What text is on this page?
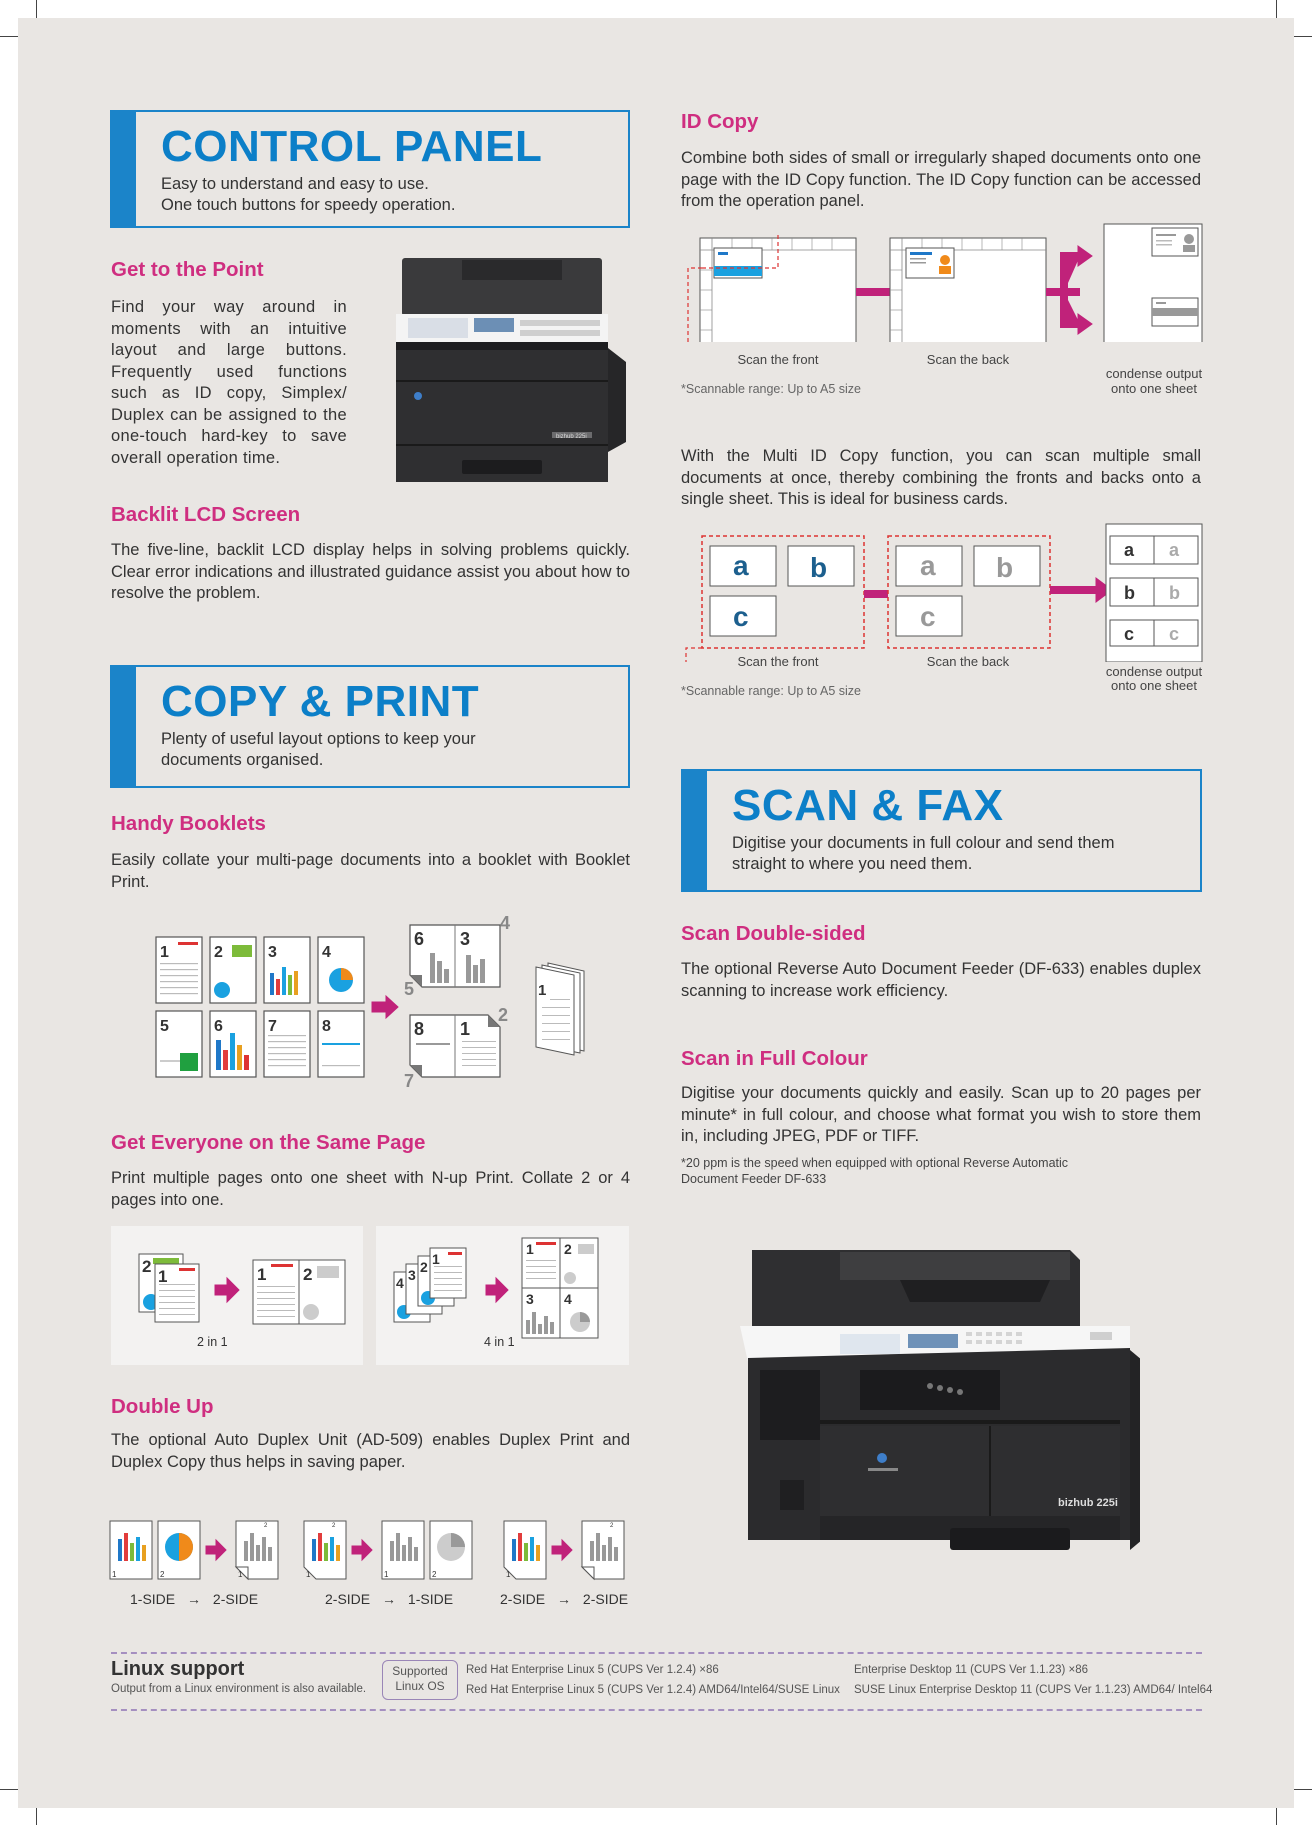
CONTROL PANEL
Easy to understand and easy to use.
One touch buttons for speedy operation.
Get to the Point

Find your way around in moments with an intuitive layout and large buttons. Frequently used functions such as ID copy, Simplex/ Duplex can be assigned to the one-touch hard-key to save overall operation time.

bizhub 225i
Backlit LCD Screen

The five-line, backlit LCD display helps in solving problems quickly. Clear error indications and illustrated guidance assist you about how to resolve the problem.

COPY & PRINT
Plenty of useful layout options to keep your
documents organised.
Handy Booklets

Easily collate your multi-page documents into a booklet with Booklet Print.

1	2	3	4
5	6	7	8
6 3
4
5
8 1
2
7
1
Get Everyone on the Same Page

Print multiple pages onto one sheet with N-up Print. Collate 2 or 4 pages into one.

2
1	1 2
2 in 1
4 3 2 1
1 2
3 4
4 in 1
Double Up

The optional Auto Duplex Unit (AD-509) enables Duplex Print and Duplex Copy thus helps in saving paper.

1	2	1
2
1
2
1	2	1
2
1-SIDE → 2-SIDE	2-SIDE → 1-SIDE	2-SIDE → 2-SIDE
ID Copy

Combine both sides of small or irregularly shaped documents onto one page with the ID Copy function. The ID Copy function can be accessed from the operation panel.

Scan the front	Scan the back
condense output
onto one sheet
*Scannable range: Up to A5 size

With the Multi ID Copy function, you can scan multiple small documents at once, thereby combining the fronts and backs onto a single sheet. This is ideal for business cards.

a b
c
a b
c
a a
b b
c c
Scan the front	Scan the back
condense output
onto one sheet
*Scannable range: Up to A5 size
SCAN & FAX
Digitise your documents in full colour and send them
straight to where you need them.
Scan Double-sided

The optional Reverse Auto Document Feeder (DF-633) enables duplex scanning to increase work efficiency.

Scan in Full Colour

Digitise your documents quickly and easily. Scan up to 20 pages per minute* in full colour, and choose what format you wish to store them in, including JPEG, PDF or TIFF.

*20 ppm is the speed when equipped with optional Reverse Automatic
Document Feeder DF-633
bizhub 225i
Linux support
Output from a Linux environment is also available.
Supported
Linux OS
Red Hat Enterprise Linux 5 (CUPS Ver 1.2.4) ×86
Red Hat Enterprise Linux 5 (CUPS Ver 1.2.4) AMD64/Intel64/SUSE Linux
Enterprise Desktop 11 (CUPS Ver 1.1.23) ×86
SUSE Linux Enterprise Desktop 11 (CUPS Ver 1.1.23) AMD64/ Intel64
